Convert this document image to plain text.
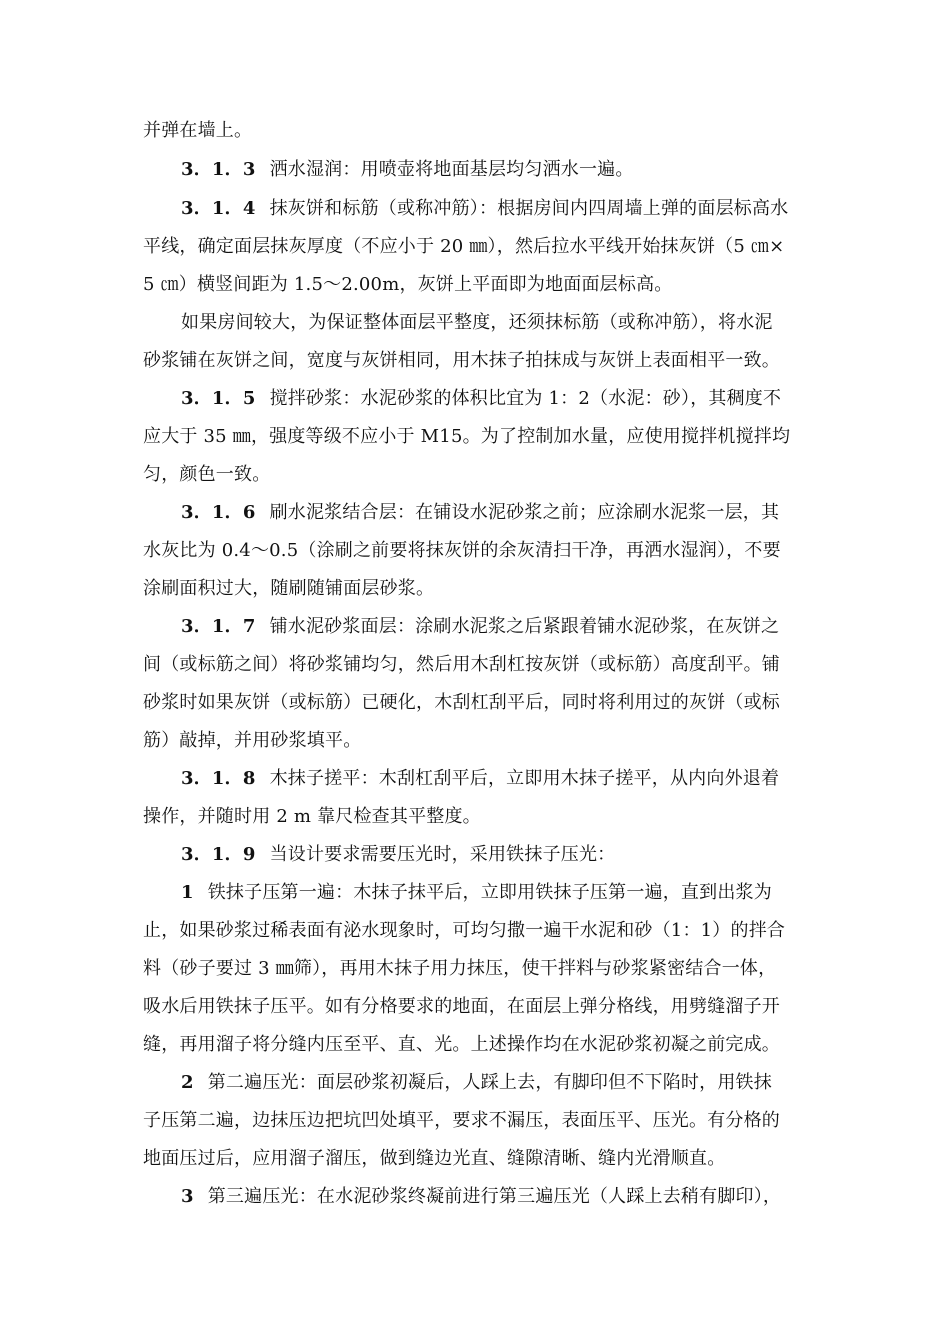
并弹在墙上。
3．1．3 洒水湿润：用喷壶将地面基层均匀洒水一遍。
3．1．4 抹灰饼和标筋（或称冲筋）：根据房间内四周墙上弹的面层标高水
平线，确定面层抹灰厚度（不应小于 20 ㎜），然后拉水平线开始抹灰饼（5 ㎝×
5 ㎝）横竖间距为 1.5～2.00m，灰饼上平面即为地面面层标高。
如果房间较大，为保证整体面层平整度，还须抹标筋（或称冲筋），将水泥
砂浆铺在灰饼之间，宽度与灰饼相同，用木抹子拍抹成与灰饼上表面相平一致。
3．1．5 搅拌砂浆：水泥砂浆的体积比宜为 1：2（水泥：砂），其稠度不
应大于 35 ㎜，强度等级不应小于 M15。为了控制加水量，应使用搅拌机搅拌均
匀，颜色一致。
3．1．6 刷水泥浆结合层：在铺设水泥砂浆之前；应涂刷水泥浆一层，其
水灰比为 0.4～0.5（涂刷之前要将抹灰饼的余灰清扫干净，再洒水湿润），不要
涂刷面积过大，随刷随铺面层砂浆。
3．1．7 铺水泥砂浆面层：涂刷水泥浆之后紧跟着铺水泥砂浆，在灰饼之
间（或标筋之间）将砂浆铺均匀，然后用木刮杠按灰饼（或标筋）高度刮平。铺
砂浆时如果灰饼（或标筋）已硬化，木刮杠刮平后，同时将利用过的灰饼（或标
筋）敲掉，并用砂浆填平。
3．1．8 木抹子搓平：木刮杠刮平后，立即用木抹子搓平，从内向外退着
操作，并随时用 2 m 靠尺检查其平整度。
3．1．9 当设计要求需要压光时，采用铁抹子压光：
1 铁抹子压第一遍：木抹子抹平后，立即用铁抹子压第一遍，直到出浆为
止，如果砂浆过稀表面有泌水现象时，可均匀撒一遍干水泥和砂（1：1）的拌合
料（砂子要过 3 ㎜筛），再用木抹子用力抹压，使干拌料与砂浆紧密结合一体，
吸水后用铁抹子压平。如有分格要求的地面，在面层上弹分格线，用劈缝溜子开
缝，再用溜子将分缝内压至平、直、光。上述操作均在水泥砂浆初凝之前完成。
2 第二遍压光：面层砂浆初凝后，人踩上去，有脚印但不下陷时，用铁抹
子压第二遍，边抹压边把坑凹处填平，要求不漏压，表面压平、压光。有分格的
地面压过后，应用溜子溜压，做到缝边光直、缝隙清晰、缝内光滑顺直。
3 第三遍压光：在水泥砂浆终凝前进行第三遍压光（人踩上去稍有脚印），
